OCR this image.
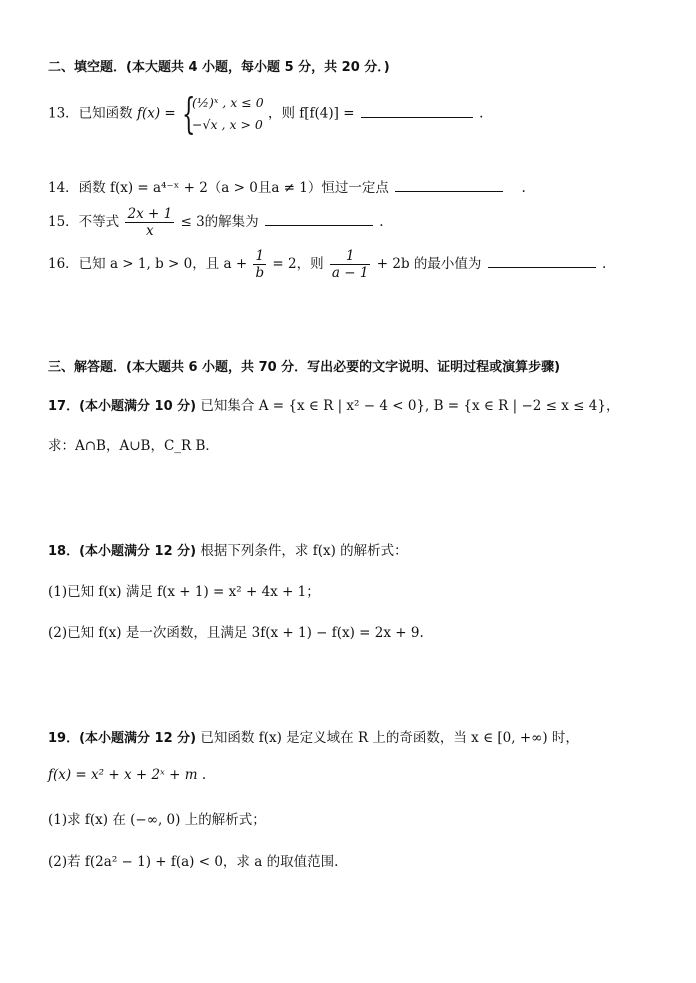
二、填空题．(本大题共 4 小题，每小题 5 分，共 20 分．)
13．已知函数 f(x) = {
(½)ˣ , x ≤ 0
−√x , x > 0
，则 f[f(4)] =	.
14．函数 f(x) = a⁴⁻ˣ + 2（a > 0且a ≠ 1）恒过一定点	.
15．不等式 $\frac{2x + 1}{x} \le 3$的解集为	.
16．已知 a > 1, b > 0，且 $a + \frac{1}{b} = 2$，则 $\frac{1}{a - 1} + 2b$ 的最小值为	.
三、解答题．(本大题共 6 小题，共 70 分．写出必要的文字说明、证明过程或演算步骤)
17．(本小题满分 10 分) 已知集合 A = {x ∈ R | x² − 4 < 0}, B = {x ∈ R | −2 ≤ x ≤ 4}，
求：A∩B，A∪B，C_R B．
18．(本小题满分 12 分) 根据下列条件，求 f(x) 的解析式：
(1)已知 f(x) 满足 f(x + 1) = x² + 4x + 1；
(2)已知 f(x) 是一次函数，且满足 3f(x + 1) − f(x) = 2x + 9.
19．(本小题满分 12 分) 已知函数 f(x) 是定义域在 R 上的奇函数，当 x ∈ [0, +∞) 时，
f(x) = x² + x + 2ˣ + m .
(1)求 f(x) 在 (−∞, 0) 上的解析式；
(2)若 f(2a² − 1) + f(a) < 0，求 a 的取值范围.
